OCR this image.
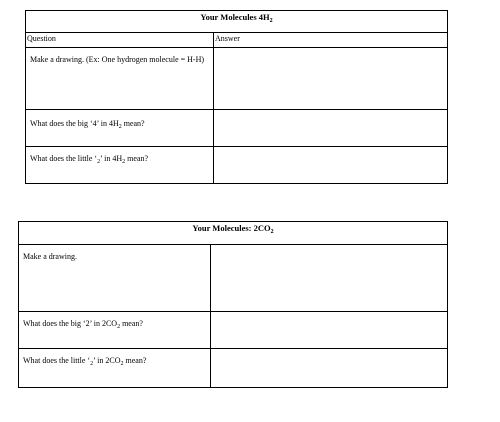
Your Molecules $4H_2$
Question	Answer
Make a drawing. (Ex: One hydrogen molecule = H-H)	
What does the big ‘4’ in $4H_2$ mean?	
What does the little ‘$_2$’ in $4H_2$ mean?	
Your Molecules: $2CO_2$
Make a drawing.	
What does the big ‘2’ in $2CO_2$ mean?	
What does the little ‘$_2$’ in $2CO_2$ mean?	
